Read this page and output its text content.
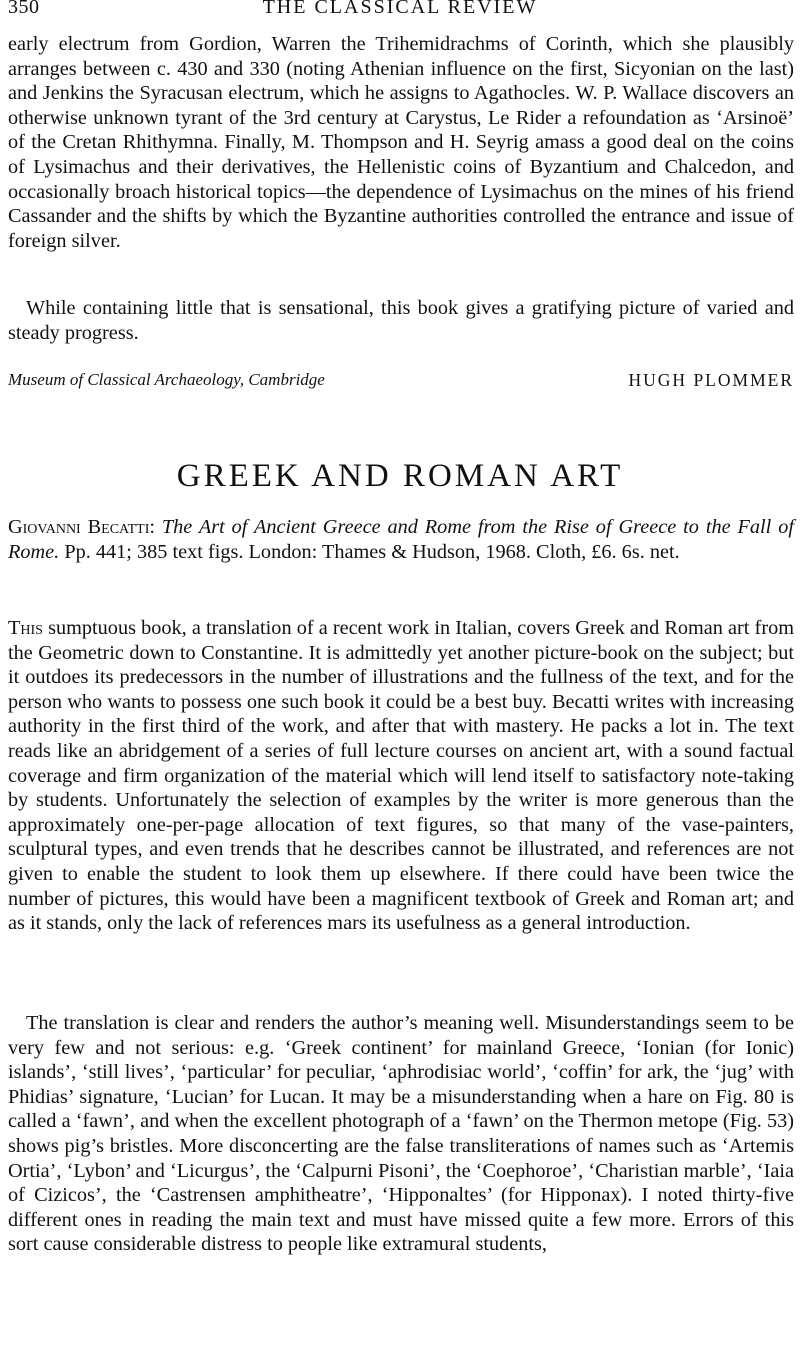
350	THE CLASSICAL REVIEW

early electrum from Gordion, Warren the Trihemidrachms of Corinth, which she plausibly arranges between c. 430 and 330 (noting Athenian influence on the first, Sicyonian on the last) and Jenkins the Syracusan electrum, which he assigns to Agathocles. W. P. Wallace discovers an otherwise unknown tyrant of the 3rd century at Carystus, Le Rider a refoundation as ‘Arsinoë’ of the Cretan Rhithymna. Finally, M. Thompson and H. Seyrig amass a good deal on the coins of Lysimachus and their derivatives, the Hellenistic coins of Byzantium and Chalcedon, and occasionally broach historical topics—the dependence of Lysimachus on the mines of his friend Cassander and the shifts by which the Byzantine authorities controlled the entrance and issue of foreign silver.

While containing little that is sensational, this book gives a gratifying picture of varied and steady progress.

Museum of Classical Archaeology, Cambridge	HUGH PLOMMER
GREEK AND ROMAN ART

Giovanni Becatti: The Art of Ancient Greece and Rome from the Rise of Greece to the Fall of Rome. Pp. 441; 385 text figs. London: Thames & Hudson, 1968. Cloth, £6. 6s. net.

This sumptuous book, a translation of a recent work in Italian, covers Greek and Roman art from the Geometric down to Constantine. It is admittedly yet another picture-book on the subject; but it outdoes its predecessors in the number of illustrations and the fullness of the text, and for the person who wants to possess one such book it could be a best buy. Becatti writes with increasing authority in the first third of the work, and after that with mastery. He packs a lot in. The text reads like an abridgement of a series of full lecture courses on ancient art, with a sound factual coverage and firm organization of the material which will lend itself to satisfactory note-taking by students. Unfortunately the selection of examples by the writer is more generous than the approximately one-per-page allocation of text figures, so that many of the vase-painters, sculptural types, and even trends that he describes cannot be illustrated, and references are not given to enable the student to look them up elsewhere. If there could have been twice the number of pictures, this would have been a magnificent textbook of Greek and Roman art; and as it stands, only the lack of references mars its usefulness as a general introduction.

The translation is clear and renders the author’s meaning well. Misunderstandings seem to be very few and not serious: e.g. ‘Greek continent’ for mainland Greece, ‘Ionian (for Ionic) islands’, ‘still lives’, ‘particular’ for peculiar, ‘aphrodisiac world’, ‘coffin’ for ark, the ‘jug’ with Phidias’ signature, ‘Lucian’ for Lucan. It may be a misunderstanding when a hare on Fig. 80 is called a ‘fawn’, and when the excellent photograph of a ‘fawn’ on the Thermon metope (Fig. 53) shows pig’s bristles. More disconcerting are the false transliterations of names such as ‘Artemis Ortia’, ‘Lybon’ and ‘Licurgus’, the ‘Calpurni Pisoni’, the ‘Coephoroe’, ‘Charistian marble’, ‘Iaia of Cizicos’, the ‘Castrensen amphitheatre’, ‘Hipponaltes’ (for Hipponax). I noted thirty-five different ones in reading the main text and must have missed quite a few more. Errors of this sort cause considerable distress to people like extramural students,
